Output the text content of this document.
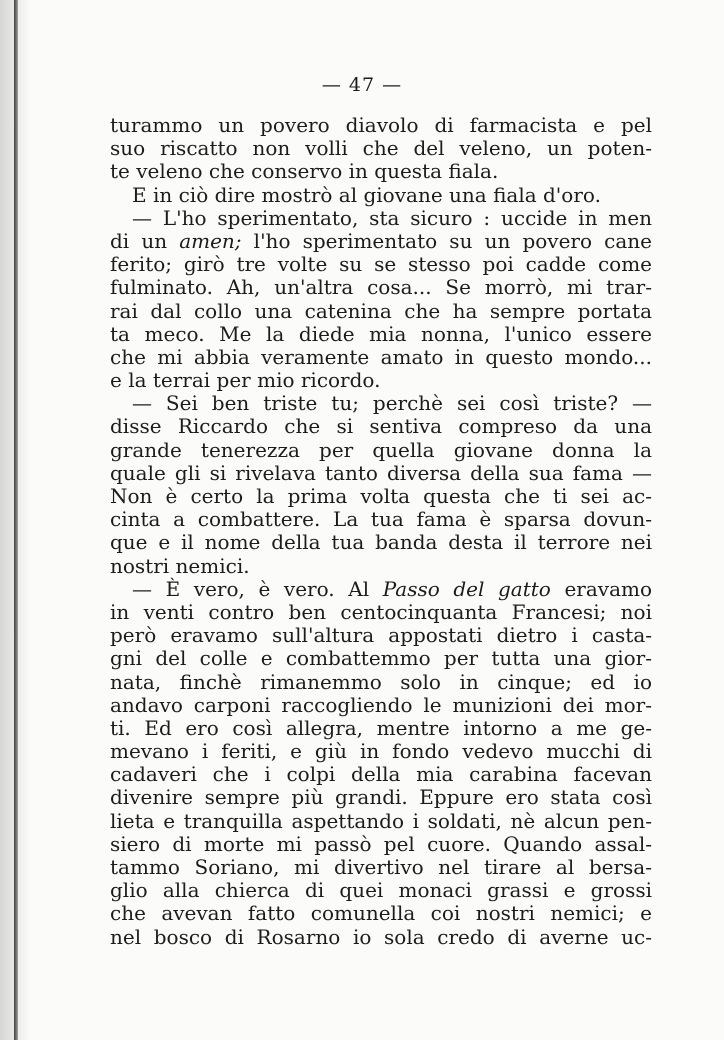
— 47 —
turammo un povero diavolo di farmacista e pel
suo riscatto non volli che del veleno, un poten-
te veleno che conservo in questa fiala.
E in ciò dire mostrò al giovane una fiala d'oro.
— L'ho sperimentato, sta sicuro : uccide in men
di un amen; l'ho sperimentato su un povero cane
ferito; girò tre volte su se stesso poi cadde come
fulminato. Ah, un'altra cosa... Se morrò, mi trar-
rai dal collo una catenina che ha sempre portata
ta meco. Me la diede mia nonna, l'unico essere
che mi abbia veramente amato in questo mondo...
e la terrai per mio ricordo.
— Sei ben triste tu; perchè sei così triste? —
disse Riccardo che si sentiva compreso da una
grande tenerezza per quella giovane donna la
quale gli si rivelava tanto diversa della sua fama —
Non è certo la prima volta questa che ti sei ac-
cinta a combattere. La tua fama è sparsa dovun-
que e il nome della tua banda desta il terrore nei
nostri nemici.
— È vero, è vero. Al Passo del gatto eravamo
in venti contro ben centocinquanta Francesi; noi
però eravamo sull'altura appostati dietro i casta-
gni del colle e combattemmo per tutta una gior-
nata, finchè rimanemmo solo in cinque; ed io
andavo carponi raccogliendo le munizioni dei mor-
ti. Ed ero così allegra, mentre intorno a me ge-
mevano i feriti, e giù in fondo vedevo mucchi di
cadaveri che i colpi della mia carabina facevan
divenire sempre più grandi. Eppure ero stata così
lieta e tranquilla aspettando i soldati, nè alcun pen-
siero di morte mi passò pel cuore. Quando assal-
tammo Soriano, mi divertivo nel tirare al bersa-
glio alla chierca di quei monaci grassi e grossi
che avevan fatto comunella coi nostri nemici; e
nel bosco di Rosarno io sola credo di averne uc-
